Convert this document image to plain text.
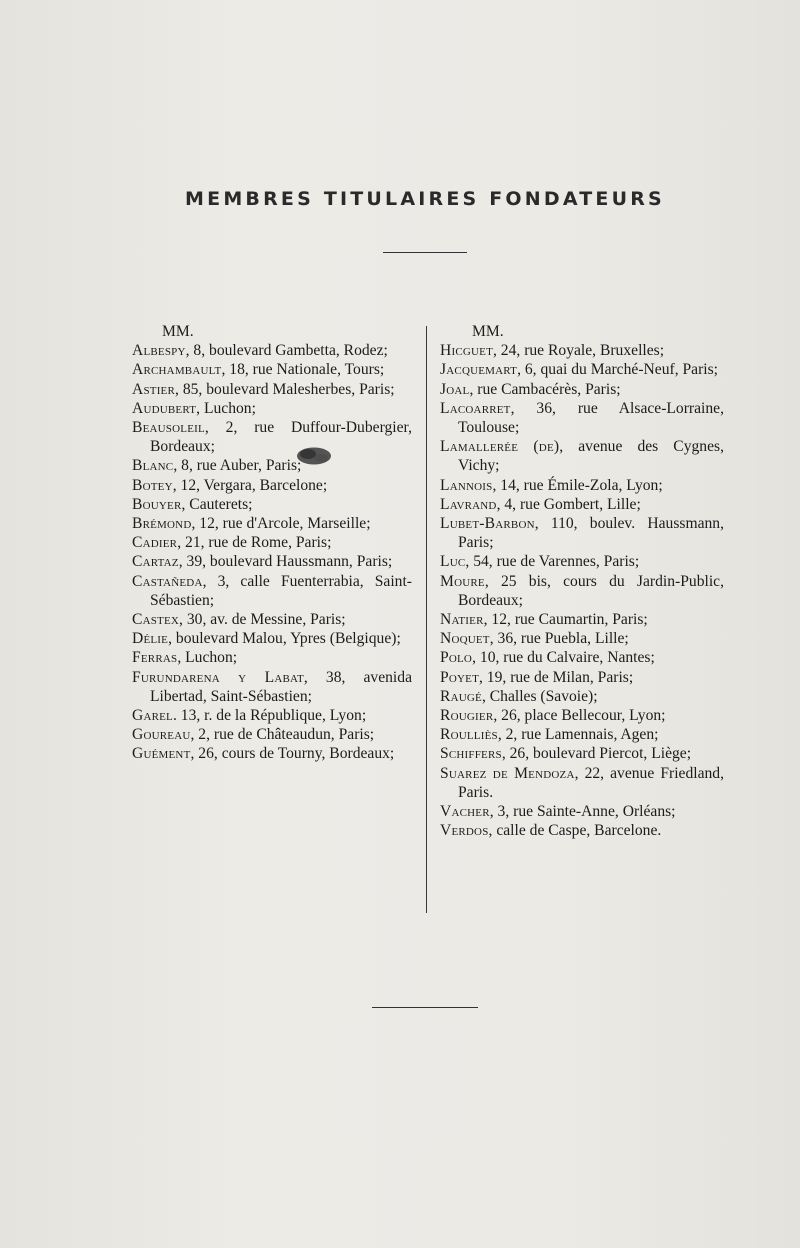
MEMBRES TITULAIRES FONDATEURS
MM.
Albespy, 8, boulevard Gambetta, Rodez;
Archambault, 18, rue Nationale, Tours;
Astier, 85, boulevard Malesherbes, Paris;
Audubert, Luchon;
Beausoleil, 2, rue Duffour-Dubergier, Bordeaux;
Blanc, 8, rue Auber, Paris;
Botey, 12, Vergara, Barcelone;
Bouyer, Cauterets;
Brémond, 12, rue d'Arcole, Marseille;
Cadier, 21, rue de Rome, Paris;
Cartaz, 39, boulevard Haussmann, Paris;
Castañeda, 3, calle Fuenterrabia, Saint-Sébastien;
Castex, 30, av. de Messine, Paris;
Délie, boulevard Malou, Ypres (Belgique);
Ferras, Luchon;
Furundarena y Labat, 38, avenida Libertad, Saint-Sébastien;
Garel. 13, r. de la République, Lyon;
Goureau, 2, rue de Châteaudun, Paris;
Guément, 26, cours de Tourny, Bordeaux;
MM.
Hicguet, 24, rue Royale, Bruxelles;
Jacquemart, 6, quai du Marché-Neuf, Paris;
Joal, rue Cambacérès, Paris;
Lacoarret, 36, rue Alsace-Lorraine, Toulouse;
Lamallerée (de), avenue des Cygnes, Vichy;
Lannois, 14, rue Émile-Zola, Lyon;
Lavrand, 4, rue Gombert, Lille;
Lubet-Barbon, 110, boulev. Haussmann, Paris;
Luc, 54, rue de Varennes, Paris;
Moure, 25 bis, cours du Jardin-Public, Bordeaux;
Natier, 12, rue Caumartin, Paris;
Noquet, 36, rue Puebla, Lille;
Polo, 10, rue du Calvaire, Nantes;
Poyet, 19, rue de Milan, Paris;
Raugé, Challes (Savoie);
Rougier, 26, place Bellecour, Lyon;
Roulliès, 2, rue Lamennais, Agen;
Schiffers, 26, boulevard Piercot, Liège;
Suarez de Mendoza, 22, avenue Friedland, Paris.
Vacher, 3, rue Sainte-Anne, Orléans;
Verdos, calle de Caspe, Barcelone.
